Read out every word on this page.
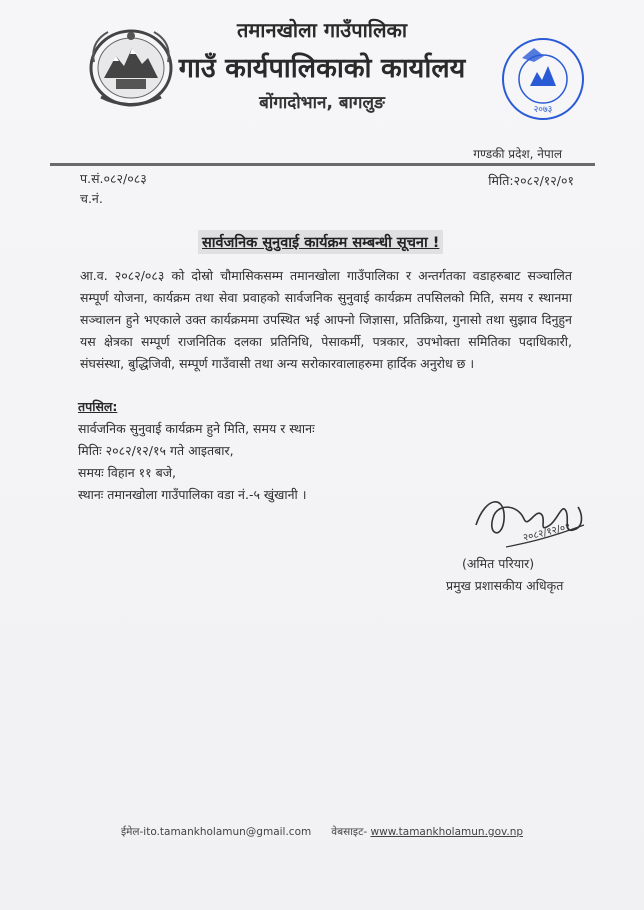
२०७३
तमानखोला गाउँपालिका
गाउँ कार्यपालिकाको कार्यालय
बोंगादोभान, बागलुङ
गण्डकी प्रदेश, नेपाल
प.सं.०८२/०८३
च.नं.
मिति:२०८२/१२/०१
सार्वजनिक सुनुवाई कार्यक्रम सम्बन्धी सूचना !
आ.व. २०८२/०८३ को दोस्रो चौमासिकसम्म तमानखोला गाउँपालिका र अन्तर्गतका वडाहरुबाट सञ्चालित सम्पूर्ण योजना, कार्यक्रम तथा सेवा प्रवाहको सार्वजनिक सुनुवाई कार्यक्रम तपसिलको मिति, समय र स्थानमा सञ्चालन हुने भएकाले उक्त कार्यक्रममा उपस्थित भई आफ्नो जिज्ञासा, प्रतिक्रिया, गुनासो तथा सुझाव दिनुहुन यस क्षेत्रका सम्पूर्ण राजनितिक दलका प्रतिनिधि, पेसाकर्मी, पत्रकार, उपभोक्ता समितिका पदाधिकारी, संघसंस्था, बुद्धिजिवी, सम्पूर्ण गाउँवासी तथा अन्य सरोकारवालाहरुमा हार्दिक अनुरोध छ ।
तपसिल:
सार्वजनिक सुनुवाई कार्यक्रम हुने मिति, समय र स्थानः
मितिः २०८२/१२/१५ गते आइतबार,
समयः विहान ११ बजे,
स्थानः तमानखोला गाउँपालिका वडा नं.-५ खुंखानी ।
२०८२/१२/०१
(अमित परियार)
प्रमुख प्रशासकीय अधिकृत
ईमेल-ito.tamankholamun@gmail.com वेबसाइट- www.tamankholamun.gov.np
